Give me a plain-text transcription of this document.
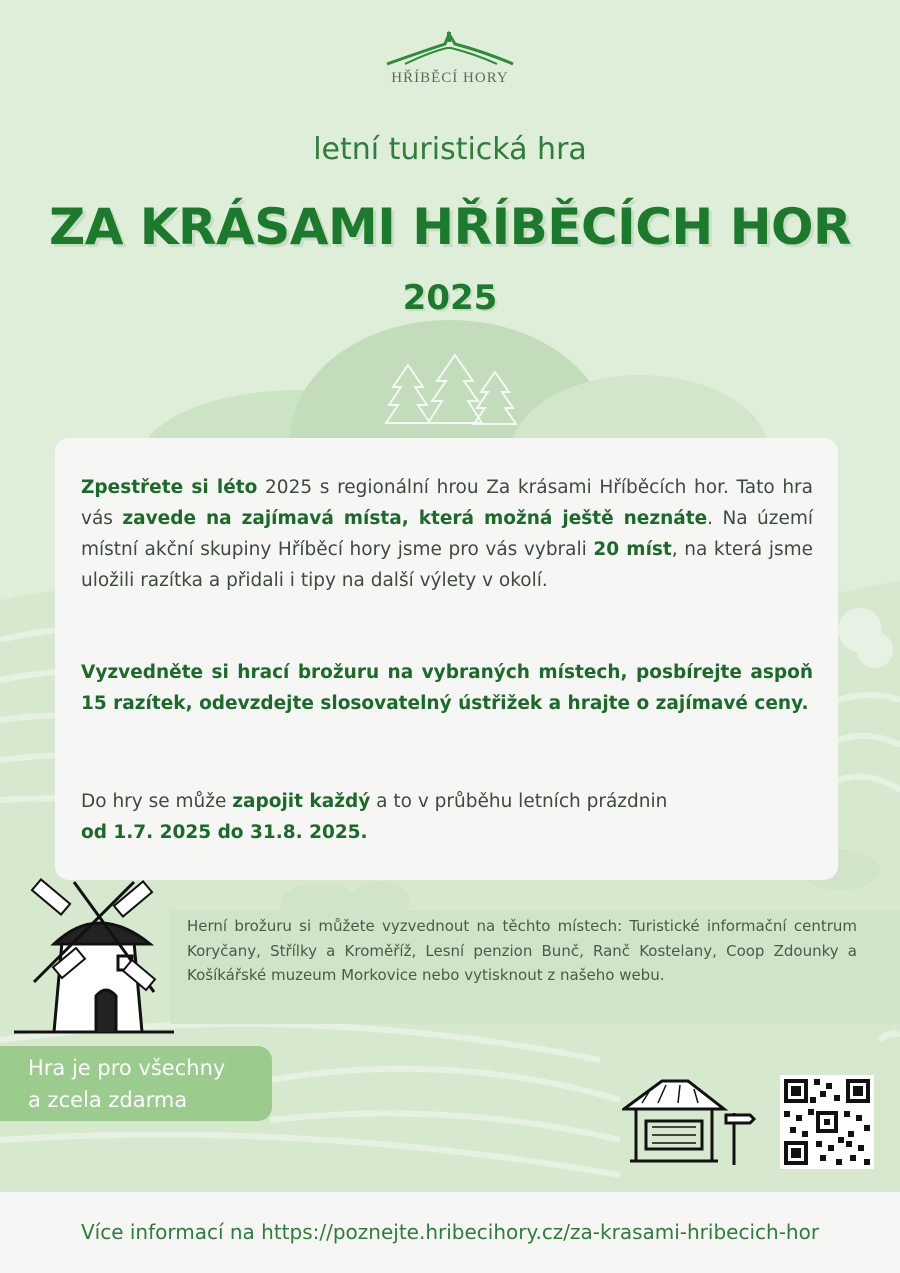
HŘÍBĚCÍ HORY
letní turistická hra
ZA KRÁSAMI HŘÍBĚCÍCH HOR
2025

Zpestřete si léto 2025 s regionální hrou Za krásami Hříběcích hor. Tato hra vás zavede na zajímavá místa, která možná ještě neznáte. Na území místní akční skupiny Hříběcí hory jsme pro vás vybrali 20 míst, na která jsme uložili razítka a přidali i tipy na další výlety v okolí.

Vyzvedněte si hrací brožuru na vybraných místech, posbírejte aspoň 15 razítek, odevzdejte slosovatelný ústřižek a hrajte o zajímavé ceny.

Do hry se může zapojit každý a to v průběhu letních prázdnin
od 1.7. 2025 do 31.8. 2025.

Herní brožuru si můžete vyzvednout na těchto místech: Turistické informační centrum Koryčany, Střílky a Kroměříž, Lesní penzion Bunč, Ranč Kostelany, Coop Zdounky a Košíkářské muzeum Morkovice nebo vytisknout z našeho webu.

Hra je pro všechny
a zcela zdarma
Více informací na https://poznejte.hribecihory.cz/za-krasami-hribecich-hor
